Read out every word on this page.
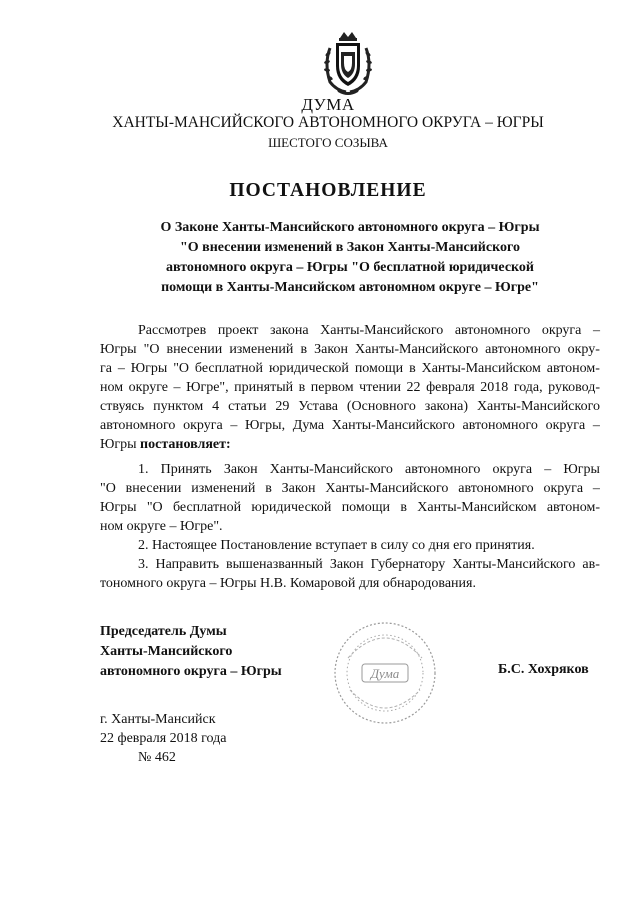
ДУМА
ХАНТЫ-МАНСИЙСКОГО АВТОНОМНОГО ОКРУГА – ЮГРЫ
ШЕСТОГО СОЗЫВА
ПОСТАНОВЛЕНИЕ
О Законе Ханты-Мансийского автономного округа – Югры
"О внесении изменений в Закон Ханты-Мансийского
автономного округа – Югры "О бесплатной юридической
помощи в Ханты-Мансийском автономном округе – Югре"
Рассмотрев проект закона Ханты-Мансийского автономного округа –
Югры "О внесении изменений в Закон Ханты-Мансийского автономного окру-
га – Югры "О бесплатной юридической помощи в Ханты-Мансийском автоном-
ном округе – Югре", принятый в первом чтении 22 февраля 2018 года, руковод-
ствуясь пунктом 4 статьи 29 Устава (Основного закона) Ханты-Мансийского
автономного округа – Югры, Дума Ханты-Мансийского автономного округа –
Югры постановляет:
1. Принять Закон Ханты-Мансийского автономного округа – Югры
"О внесении изменений в Закон Ханты-Мансийского автономного округа –
Югры "О бесплатной юридической помощи в Ханты-Мансийском автоном-
ном округе – Югре".
2. Настоящее Постановление вступает в силу со дня его принятия.
3. Направить вышеназванный Закон Губернатору Ханты-Мансийского ав-
тономного округа – Югры Н.В. Комаровой для обнародования.
Председатель Думы
Ханты-Мансийского
автономного округа – Югры	Дума	Б.С. Хохряков
г. Ханты-Мансийск
22 февраля 2018 года
№ 462
